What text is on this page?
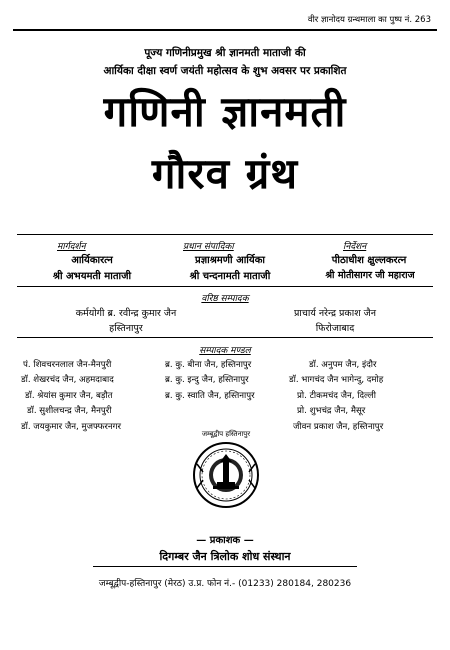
वीर ज्ञानोदय ग्रन्थमाला का पुष्प नं. 263
पूज्य गणिनीप्रमुख श्री ज्ञानमती माताजी की
आर्यिका दीक्षा स्वर्ण जयंती महोत्सव के शुभ अवसर पर प्रकाशित
गणिनी ज्ञानमती
गौरव ग्रंथ
मार्गदर्शन
आर्यिकारत्न
श्री अभयमती माताजी
प्रधान संपादिका
प्रज्ञाश्रमणी आर्यिका
श्री चन्दनामती माताजी
निर्देशन
पीठाधीश क्षुल्लकरत्न
श्री मोतीसागर जी महाराज
वरिष्ठ सम्पादक
कर्मयोगी ब्र. रवीन्द्र कुमार जैन
हस्तिनापुर
प्राचार्य नरेन्द्र प्रकाश जैन
फिरोजाबाद
सम्पादक मण्डल
पं. शिवचरनलाल जैन-मैनपुरी
डॉ. शेखरचंद जैन, अहमदाबाद
डॉ. श्रेयांस कुमार जैन, बड़ौत
डॉ. सुशीलचन्द्र जैन, मैनपुरी
डॉ. जयकुमार जैन, मुजफ्फरनगर
ब्र. कु. बीना जैन, हस्तिनापुर
ब्र. कु. इन्दु जैन, हस्तिनापुर
ब्र. कु. स्वाति जैन, हस्तिनापुर
डॉ. अनुपम जैन, इंदौर
डॉ. भागचंद जैन भागेन्दु, दमोह
प्रो. टीकमचंद जैन, दिल्ली
प्रो. शुभचंद्र जैन, मैसूर
जीवन प्रकाश जैन, हस्तिनापुर
जम्बूद्वीप हस्तिनापुर
— प्रकाशक —
दिगम्बर जैन त्रिलोक शोध संस्थान
जम्बूद्वीप-हस्तिनापुर (मेरठ) उ.प्र. फोन नं.- (01233) 280184, 280236
